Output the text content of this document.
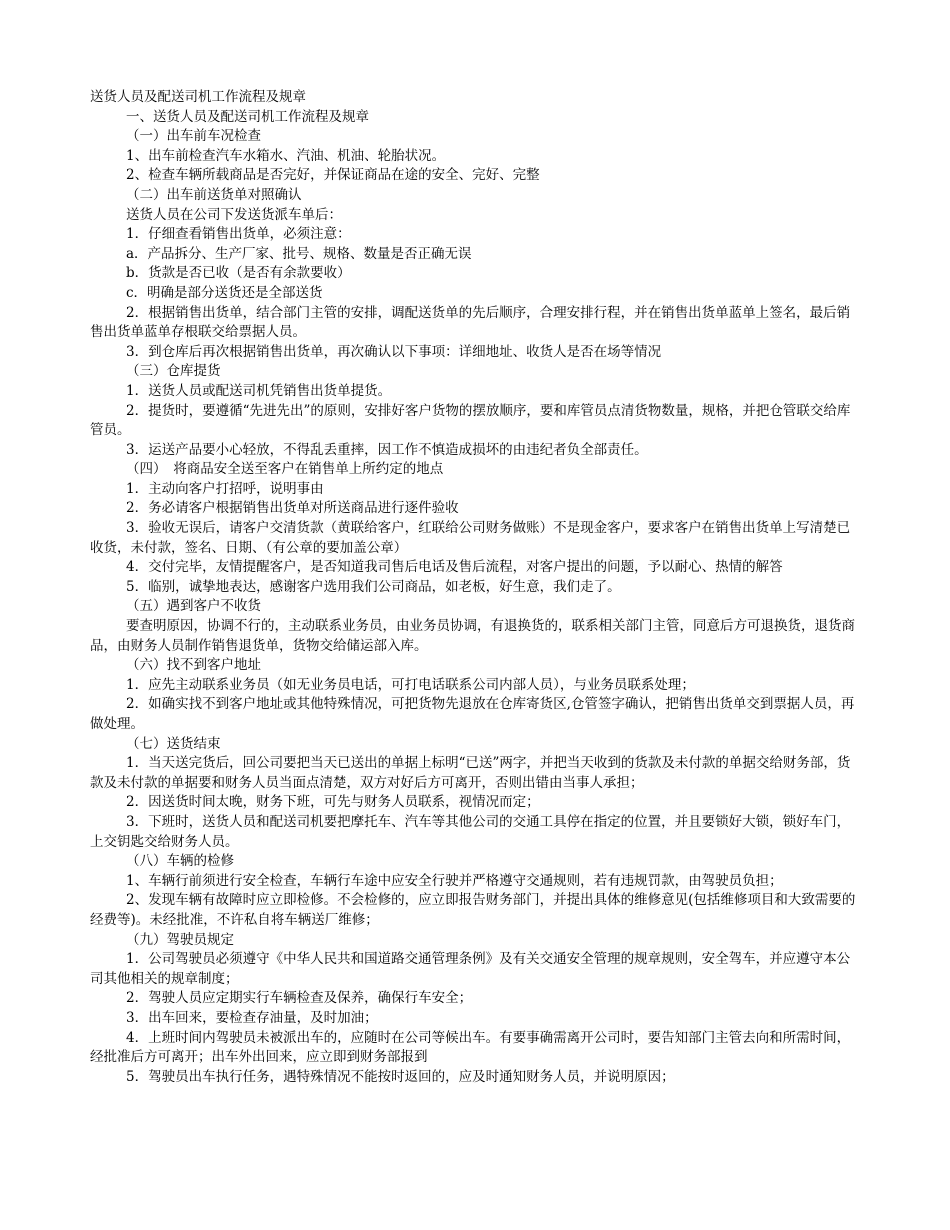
送货人员及配送司机工作流程及规章

一、送货人员及配送司机工作流程及规章

（一）出车前车况检查

1、出车前检查汽车水箱水、汽油、机油、轮胎状况。

2、检查车辆所载商品是否完好，并保证商品在途的安全、完好、完整

（二）出车前送货单对照确认

送货人员在公司下发送货派车单后：

1．仔细查看销售出货单，必须注意：

a．产品拆分、生产厂家、批号、规格、数量是否正确无误

b．货款是否已收（是否有余款要收）

c．明确是部分送货还是全部送货

2．根据销售出货单，结合部门主管的安排，调配送货单的先后顺序，合理安排行程，并在销售出货单蓝单上签名，最后销售出货单蓝单存根联交给票据人员。

3．到仓库后再次根据销售出货单，再次确认以下事项：详细地址、收货人是否在场等情况

（三）仓库提货

1．送货人员或配送司机凭销售出货单提货。

2．提货时，要遵循“先进先出”的原则，安排好客户货物的摆放顺序，要和库管员点清货物数量，规格，并把仓管联交给库管员。

3．运送产品要小心轻放，不得乱丢重摔，因工作不慎造成损坏的由违纪者负全部责任。

（四）　将商品安全送至客户在销售单上所约定的地点

1．主动向客户打招呼，说明事由

2．务必请客户根据销售出货单对所送商品进行逐件验收

3．验收无误后，请客户交清货款（黄联给客户，红联给公司财务做账）不是现金客户，要求客户在销售出货单上写清楚已收货，未付款，签名、日期、（有公章的要加盖公章）

4．交付完毕，友情提醒客户，是否知道我司售后电话及售后流程，对客户提出的问题，予以耐心、热情的解答

5．临别，诚挚地表达，感谢客户选用我们公司商品，如老板，好生意，我们走了。

（五）遇到客户不收货

要查明原因，协调不行的，主动联系业务员，由业务员协调，有退换货的，联系相关部门主管，同意后方可退换货，退货商品，由财务人员制作销售退货单，货物交给储运部入库。

（六）找不到客户地址

1．应先主动联系业务员（如无业务员电话，可打电话联系公司内部人员），与业务员联系处理；

2．如确实找不到客户地址或其他特殊情况，可把货物先退放在仓库寄货区,仓管签字确认，把销售出货单交到票据人员，再做处理。

（七）送货结束

1．当天送完货后，回公司要把当天已送出的单据上标明“已送”两字，并把当天收到的货款及未付款的单据交给财务部，货款及未付款的单据要和财务人员当面点清楚，双方对好后方可离开，否则出错由当事人承担；

2．因送货时间太晚，财务下班，可先与财务人员联系，视情况而定；

3．下班时，送货人员和配送司机要把摩托车、汽车等其他公司的交通工具停在指定的位置，并且要锁好大锁，锁好车门，上交钥匙交给财务人员。

（八）车辆的检修

1、车辆行前须进行安全检查，车辆行车途中应安全行驶并严格遵守交通规则，若有违规罚款，由驾驶员负担；

2、发现车辆有故障时应立即检修。不会检修的，应立即报告财务部门，并提出具体的维修意见(包括维修项目和大致需要的经费等)。未经批准，不许私自将车辆送厂维修；

（九）驾驶员规定

1．公司驾驶员必须遵守《中华人民共和国道路交通管理条例》及有关交通安全管理的规章规则，安全驾车，并应遵守本公司其他相关的规章制度；

2．驾驶人员应定期实行车辆检查及保养，确保行车安全；

3．出车回来，要检查存油量，及时加油；

4．上班时间内驾驶员未被派出车的，应随时在公司等候出车。有要事确需离开公司时，要告知部门主管去向和所需时间，经批准后方可离开；出车外出回来，应立即到财务部报到

5．驾驶员出车执行任务，遇特殊情况不能按时返回的，应及时通知财务人员，并说明原因；
